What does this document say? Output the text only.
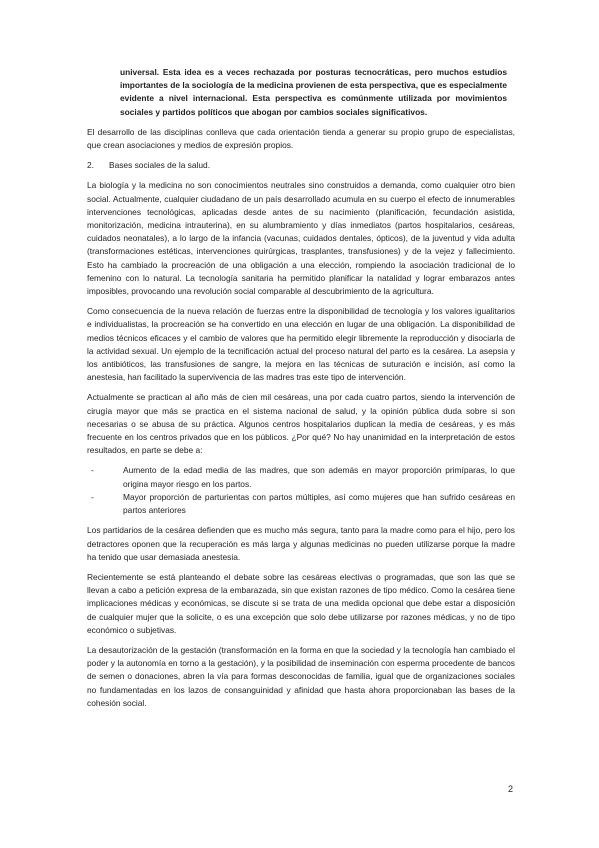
universal. Esta idea es a veces rechazada por posturas tecnocráticas, pero muchos estudios importantes de la sociología de la medicina provienen de esta perspectiva, que es especialmente evidente a nivel internacional. Esta perspectiva es comúnmente utilizada por movimientos sociales y partidos políticos que abogan por cambios sociales significativos.

El desarrollo de las disciplinas conlleva que cada orientación tienda a generar su propio grupo de especialistas, que crean asociaciones y medios de expresión propios.

2.	Bases sociales de la salud.

La biología y la medicina no son conocimientos neutrales sino construidos a demanda, como cualquier otro bien social. Actualmente, cualquier ciudadano de un país desarrollado acumula en su cuerpo el efecto de innumerables intervenciones tecnológicas, aplicadas desde antes de su nacimiento (planificación, fecundación asistida, monitorización, medicina intrauterina), en su alumbramiento y días inmediatos (partos hospitalarios, cesáreas, cuidados neonatales), a lo largo de la infancia (vacunas, cuidados dentales, ópticos), de la juventud y vida adulta (transformaciones estéticas, intervenciones quirúrgicas, trasplantes, transfusiones) y de la vejez y fallecimiento. Esto ha cambiado la procreación de una obligación a una elección, rompiendo la asociación tradicional de lo femenino con lo natural. La tecnología sanitaria ha permitido planificar la natalidad y lograr embarazos antes imposibles, provocando una revolución social comparable al descubrimiento de la agricultura.

Como consecuencia de la nueva relación de fuerzas entre la disponibilidad de tecnología y los valores igualitarios e individualistas, la procreación se ha convertido en una elección en lugar de una obligación. La disponibilidad de medios técnicos eficaces y el cambio de valores que ha permitido elegir libremente la reproducción y disociarla de la actividad sexual. Un ejemplo de la tecnificación actual del proceso natural del parto es la cesárea. La asepsia y los antibióticos, las transfusiones de sangre, la mejora en las técnicas de suturación e incisión, así como la anestesia, han facilitado la supervivencia de las madres tras este tipo de intervención.

Actualmente se practican al año más de cien mil cesáreas, una por cada cuatro partos, siendo la intervención de cirugía mayor que más se practica en el sistema nacional de salud, y la opinión pública duda sobre si son necesarias o se abusa de su práctica. Algunos centros hospitalarios duplican la media de cesáreas, y es más frecuente en los centros privados que en los públicos. ¿Por qué? No hay unanimidad en la interpretación de estos resultados, en parte se debe a:

-	Aumento de la edad media de las madres, que son además en mayor proporción primíparas, lo que origina mayor riesgo en los partos.
-	Mayor proporción de parturientas con partos múltiples, así como mujeres que han sufrido cesáreas en partos anteriores

Los partidarios de la cesárea defienden que es mucho más segura, tanto para la madre como para el hijo, pero los detractores oponen que la recuperación es más larga y algunas medicinas no pueden utilizarse porque la madre ha tenido que usar demasiada anestesia.

Recientemente se está planteando el debate sobre las cesáreas electivas o programadas, que son las que se llevan a cabo a petición expresa de la embarazada, sin que existan razones de tipo médico. Como la cesárea tiene implicaciones médicas y económicas, se discute si se trata de una medida opcional que debe estar a disposición de cualquier mujer que la solicite, o es una excepción que solo debe utilizarse por razones médicas, y no de tipo económico o subjetivas.

La desautorización de la gestación (transformación en la forma en que la sociedad y la tecnología han cambiado el poder y la autonomía en torno a la gestación), y la posibilidad de inseminación con esperma procedente de bancos de semen o donaciones, abren la vía para formas desconocidas de familia, igual que de organizaciones sociales no fundamentadas en los lazos de consanguinidad y afinidad que hasta ahora proporcionaban las bases de la cohesión social.

2
